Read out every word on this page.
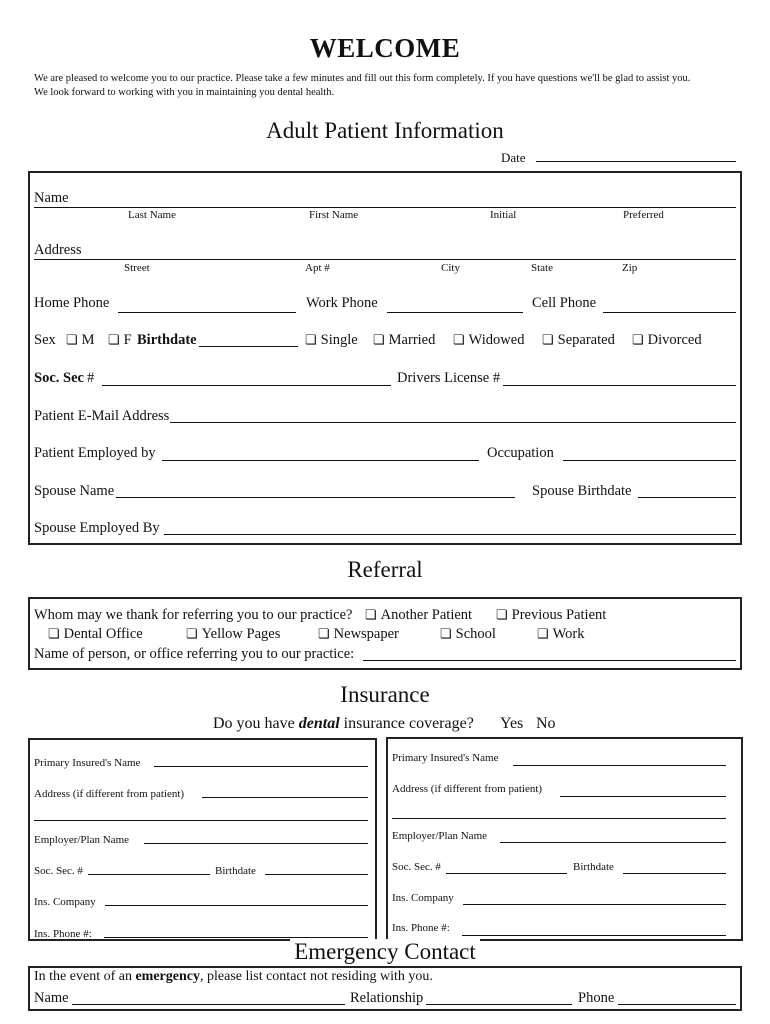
WELCOME
We are pleased to welcome you to our practice. Please take a few minutes and fill out this form completely. If you have questions we'll be glad to assist you.
We look forward to working with you in maintaining you dental health.
Adult Patient Information
Date
Name
Last Name	First Name	Initial	Preferred
Address
Street	Apt #	City	State	Zip
Home Phone	Work Phone	Cell Phone
Sex	❏ M	❏ F Birthdate	❏ Single	❏ Married	❏ Widowed	❏ Separated	❏ Divorced
Soc. Sec #	Drivers License #
Patient E-Mail Address
Patient Employed by	Occupation
Spouse Name	Spouse Birthdate
Spouse Employed By
Referral
Whom may we thank for referring you to our practice?	❏ Another Patient	❏ Previous Patient
❏ Dental Office	❏ Yellow Pages	❏ Newspaper	❏ School	❏ Work
Name of person, or office referring you to our practice:
Insurance
Do you have dental insurance coverage? Yes No
Primary Insured's Name
Address (if different from patient)
Employer/Plan Name
Soc. Sec. #	Birthdate
Ins. Company
Ins. Phone #:
Primary Insured's Name
Address (if different from patient)
Employer/Plan Name
Soc. Sec. #	Birthdate
Ins. Company
Ins. Phone #:
Emergency Contact
In the event of an emergency, please list contact not residing with you.
Name	Relationship	Phone
